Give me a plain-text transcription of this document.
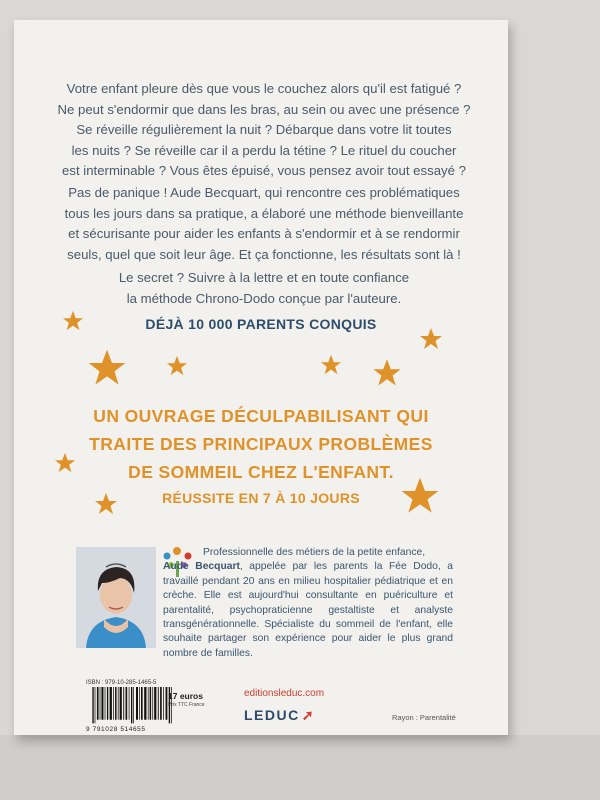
Votre enfant pleure dès que vous le couchez alors qu'il est fatigué ?
Ne peut s'endormir que dans les bras, au sein ou avec une présence ?
Se réveille régulièrement la nuit ? Débarque dans votre lit toutes
les nuits ? Se réveille car il a perdu la tétine ? Le rituel du coucher
est interminable ? Vous êtes épuisé, vous pensez avoir tout essayé ?

Pas de panique ! Aude Becquart, qui rencontre ces problématiques
tous les jours dans sa pratique, a élaboré une méthode bienveillante
et sécurisante pour aider les enfants à s'endormir et à se rendormir
seuls, quel que soit leur âge. Et ça fonctionne, les résultats sont là !

Le secret ? Suivre à la lettre et en toute confiance
la méthode Chrono-Dodo conçue par l'auteure.

DÉJÀ 10 000 PARENTS CONQUIS
UN OUVRAGE DÉCULPABILISANT QUI
TRAITE DES PRINCIPAUX PROBLÈMES
DE SOMMEIL CHEZ L'ENFANT.
RÉUSSITE EN 7 À 10 JOURS
Professionnelle des métiers de la petite enfance,
Aude Becquart, appelée par les parents la Fée Dodo, a travaillé pendant 20 ans en milieu hospitalier pédiatrique et en crèche. Elle est aujourd'hui consultante en puériculture et parentalité, psychopraticienne gestaltiste et analyste transgénérationnelle. Spécialiste du sommeil de l'enfant, elle souhaite partager son expérience pour aider le plus grand nombre de familles.
ISBN : 979-10-285-1465-5
9 791028 514655
17 euros
Prix TTC France
editionsleduc.com
LEDUC ➚	Rayon : Parentalité
